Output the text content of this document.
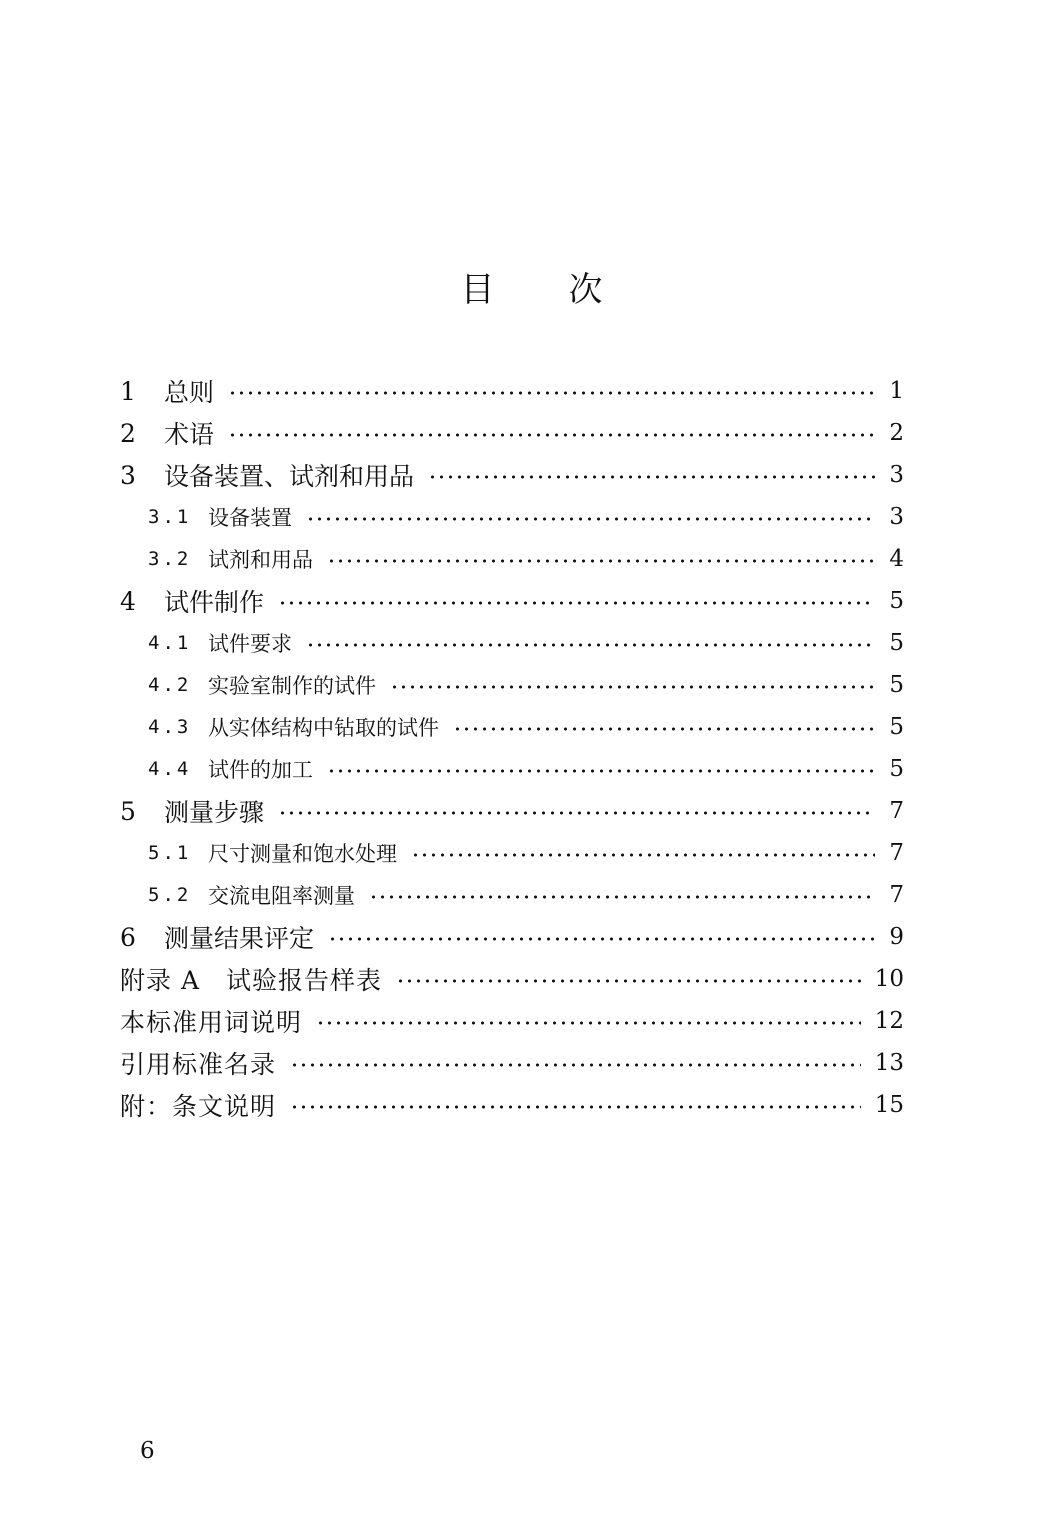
目 次
1	总则	1
2	术语	2
3	设备装置、试剂和用品	3
3.1 设备装置	3
3.2 试剂和用品	4
4	试件制作	5
4.1 试件要求	5
4.2 实验室制作的试件	5
4.3 从实体结构中钻取的试件	5
4.4 试件的加工	5
5	测量步骤	7
5.1 尺寸测量和饱水处理	7
5.2 交流电阻率测量	7
6	测量结果评定	9
附录 A　试验报告样表	10
本标准用词说明	12
引用标准名录	13
附：条文说明	15
6
